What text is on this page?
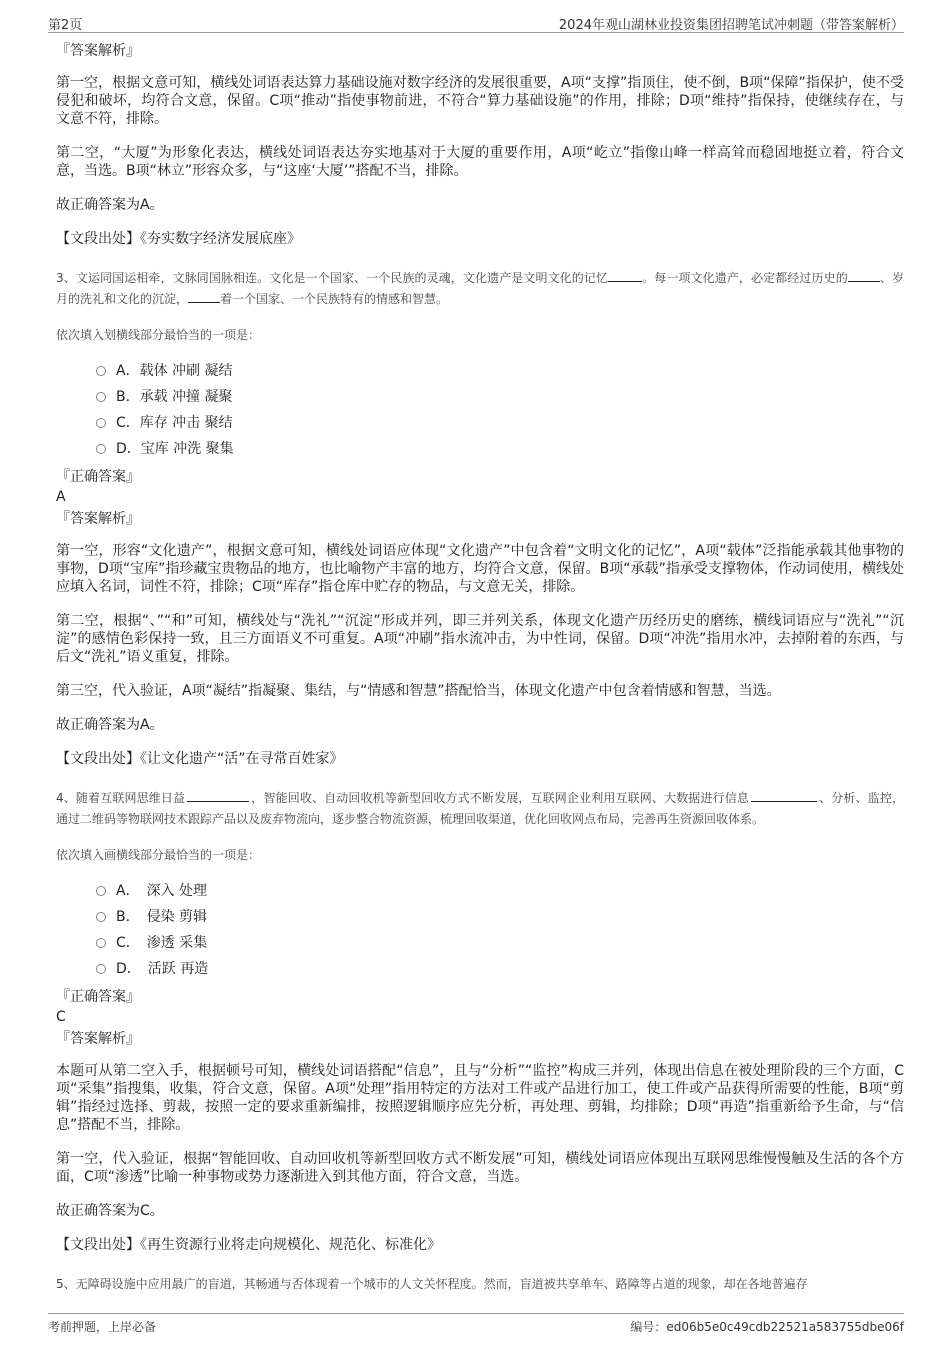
第2页	2024年观山湖林业投资集团招聘笔试冲刺题（带答案解析）
『答案解析』

第一空，根据文意可知，横线处词语表达算力基础设施对数字经济的发展很重要，A项“支撑”指顶住，使不倒，B项“保障”指保护，使不受侵犯和破坏，均符合文意，保留。C项“推动”指使事物前进，不符合“算力基础设施”的作用，排除；D项“维持”指保持，使继续存在，与文意不符，排除。

第二空，“大厦”为形象化表达，横线处词语表达夯实地基对于大厦的重要作用，A项“屹立”指像山峰一样高耸而稳固地挺立着，符合文意，当选。B项“林立”形容众多，与“这座‘大厦’”搭配不当，排除。

故正确答案为A。

【文段出处】《夯实数字经济发展底座》

3、文运同国运相牵，文脉同国脉相连。文化是一个国家、一个民族的灵魂，文化遗产是文明文化的记忆	。每一项文化遗产，必定都经过历史的	、岁月的洗礼和文化的沉淀，	着一个国家、一个民族特有的情感和智慧。

依次填入划横线部分最恰当的一项是：

A．载体 冲刷 凝结
B．承载 冲撞 凝聚
C．库存 冲击 聚结
D．宝库 冲洗 聚集
『正确答案』
A
『答案解析』

第一空，形容“文化遗产”，根据文意可知，横线处词语应体现“文化遗产”中包含着“文明文化的记忆”，A项“载体”泛指能承载其他事物的事物，D项“宝库”指珍藏宝贵物品的地方，也比喻物产丰富的地方，均符合文意，保留。B项“承载”指承受支撑物体，作动词使用，横线处应填入名词，词性不符，排除；C项“库存”指仓库中贮存的物品，与文意无关，排除。

第二空，根据“、”“和”可知，横线处与“洗礼”“沉淀”形成并列，即三并列关系，体现文化遗产历经历史的磨练，横线词语应与“洗礼”“沉淀”的感情色彩保持一致，且三方面语义不可重复。A项“冲刷”指水流冲击，为中性词，保留。D项“冲洗”指用水冲，去掉附着的东西，与后文“洗礼”语义重复，排除。

第三空，代入验证，A项“凝结”指凝聚、集结，与“情感和智慧”搭配恰当，体现文化遗产中包含着情感和智慧，当选。

故正确答案为A。

【文段出处】《让文化遗产“活”在寻常百姓家》

4、随着互联网思维日益	，智能回收、自动回收机等新型回收方式不断发展，互联网企业利用互联网、大数据进行信息	、分析、监控，通过二维码等物联网技术跟踪产品以及废弃物流向，逐步整合物流资源，梳理回收渠道，优化回收网点布局，完善再生资源回收体系。

依次填入画横线部分最恰当的一项是：

A．　深入 处理
B．　侵染 剪辑
C．　渗透 采集
D．　活跃 再造
『正确答案』
C
『答案解析』

本题可从第二空入手，根据顿号可知，横线处词语搭配“信息”，且与“分析”“监控”构成三并列，体现出信息在被处理阶段的三个方面，C项“采集”指搜集，收集，符合文意，保留。A项“处理”指用特定的方法对工件或产品进行加工，使工件或产品获得所需要的性能，B项“剪辑”指经过选择、剪裁，按照一定的要求重新编排，按照逻辑顺序应先分析，再处理、剪辑，均排除；D项“再造”指重新给予生命，与“信息”搭配不当，排除。

第一空，代入验证，根据“智能回收、自动回收机等新型回收方式不断发展”可知，横线处词语应体现出互联网思维慢慢触及生活的各个方面，C项“渗透”比喻一种事物或势力逐渐进入到其他方面，符合文意，当选。

故正确答案为C。

【文段出处】《再生资源行业将走向规模化、规范化、标准化》

5、无障碍设施中应用最广的盲道，其畅通与否体现着一个城市的人文关怀程度。然而，盲道被共享单车、路障等占道的现象，却在各地普遍存

考前押题，上岸必备	编号：ed06b5e0c49cdb22521a583755dbe06f
